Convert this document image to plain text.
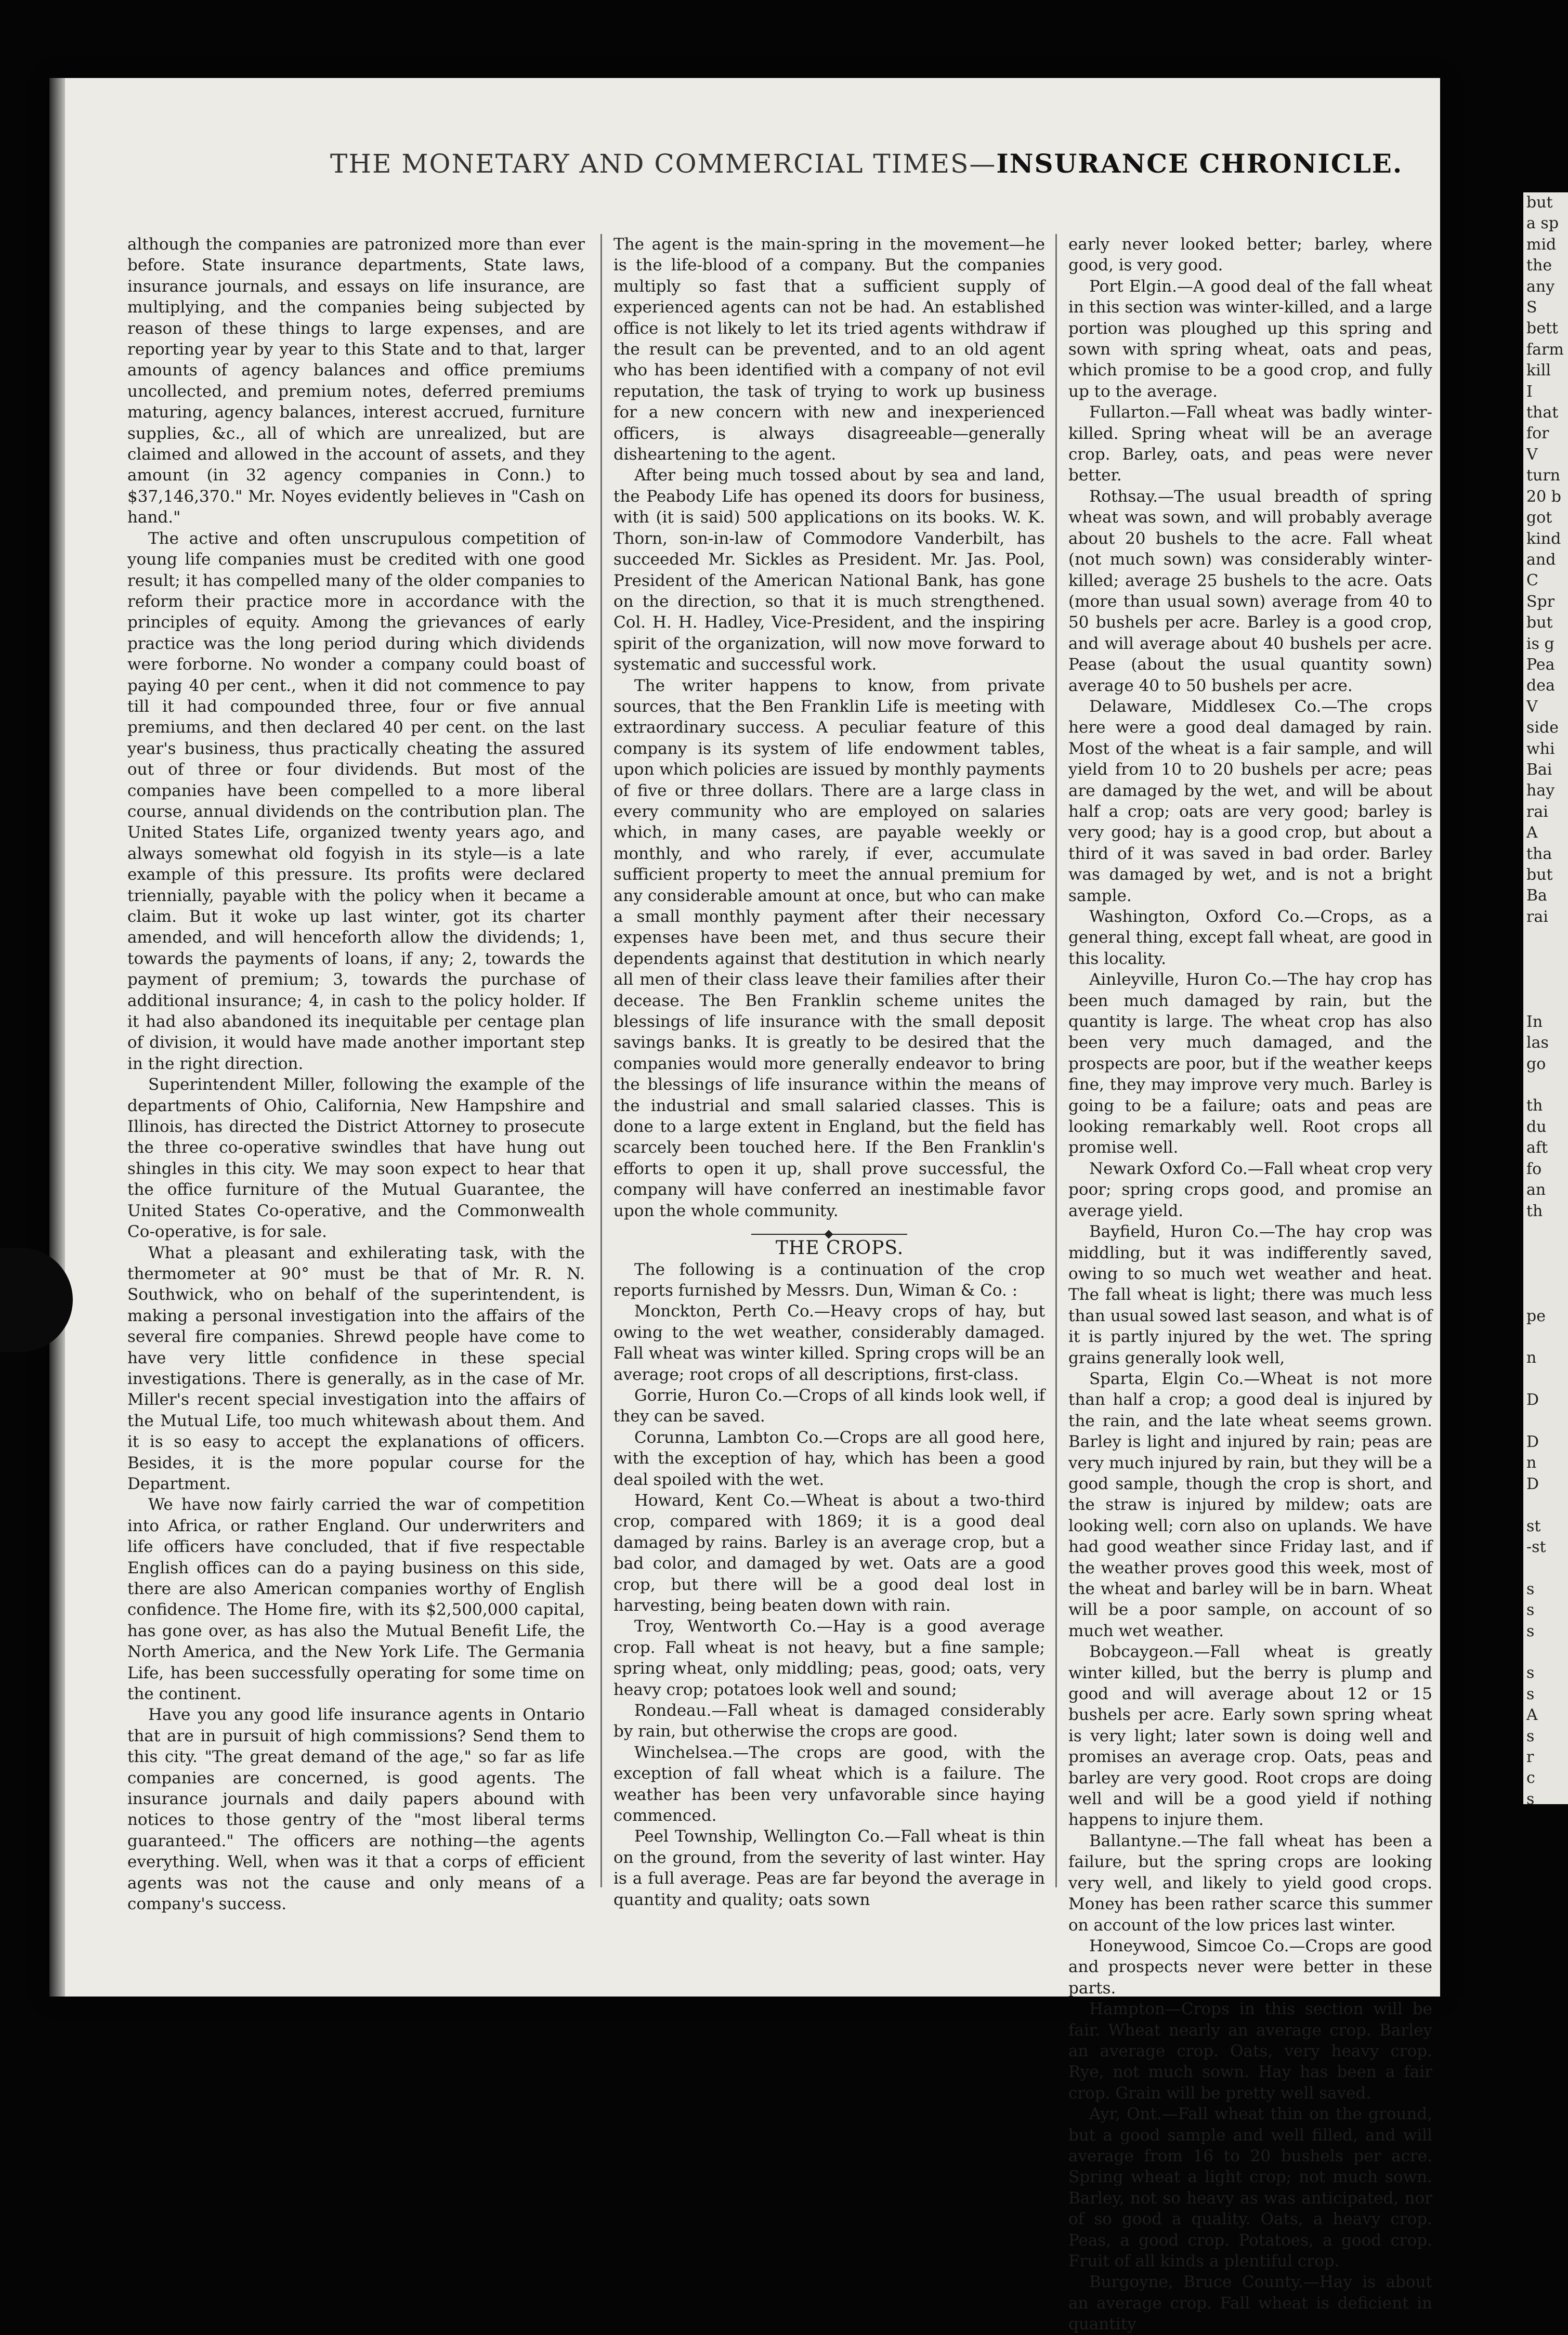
THE MONETARY AND COMMERCIAL TIMES—INSURANCE CHRONICLE.

although the companies are patronized more than ever before. State insurance departments, State laws, insurance journals, and essays on life insurance, are multiplying, and the companies being subjected by reason of these things to large expenses, and are reporting year by year to this State and to that, larger amounts of agency balances and office premiums uncollected, and premium notes, deferred premiums maturing, agency balances, interest accrued, furniture supplies, &c., all of which are unrealized, but are claimed and allowed in the account of assets, and they amount (in 32 agency companies in Conn.) to $37,146,370." Mr. Noyes evidently believes in "Cash on hand."

The active and often unscrupulous competition of young life companies must be credited with one good result; it has compelled many of the older companies to reform their practice more in accordance with the principles of equity. Among the grievances of early practice was the long period during which dividends were forborne. No wonder a company could boast of paying 40 per cent., when it did not commence to pay till it had compounded three, four or five annual premiums, and then declared 40 per cent. on the last year's business, thus practically cheating the assured out of three or four dividends. But most of the companies have been compelled to a more liberal course, annual dividends on the contribution plan. The United States Life, organized twenty years ago, and always somewhat old fogyish in its style—is a late example of this pressure. Its profits were declared triennially, payable with the policy when it became a claim. But it woke up last winter, got its charter amended, and will henceforth allow the dividends; 1, towards the payments of loans, if any; 2, towards the payment of premium; 3, towards the purchase of additional insurance; 4, in cash to the policy holder. If it had also abandoned its inequitable per centage plan of division, it would have made another important step in the right direction.

Superintendent Miller, following the example of the departments of Ohio, California, New Hampshire and Illinois, has directed the District Attorney to prosecute the three co-operative swindles that have hung out shingles in this city. We may soon expect to hear that the office furniture of the Mutual Guarantee, the United States Co-operative, and the Commonwealth Co-operative, is for sale.

What a pleasant and exhilerating task, with the thermometer at 90° must be that of Mr. R. N. Southwick, who on behalf of the superintendent, is making a personal investigation into the affairs of the several fire companies. Shrewd people have come to have very little confidence in these special investigations. There is generally, as in the case of Mr. Miller's recent special investigation into the affairs of the Mutual Life, too much whitewash about them. And it is so easy to accept the explanations of officers. Besides, it is the more popular course for the Department.

We have now fairly carried the war of competition into Africa, or rather England. Our underwriters and life officers have concluded, that if five respectable English offices can do a paying business on this side, there are also American companies worthy of English confidence. The Home fire, with its $2,500,000 capital, has gone over, as has also the Mutual Benefit Life, the North America, and the New York Life. The Germania Life, has been successfully operating for some time on the continent.

Have you any good life insurance agents in Ontario that are in pursuit of high commissions? Send them to this city. "The great demand of the age," so far as life companies are concerned, is good agents. The insurance journals and daily papers abound with notices to those gentry of the "most liberal terms guaranteed." The officers are nothing—the agents everything. Well, when was it that a corps of efficient agents was not the cause and only means of a company's success.

The agent is the main-spring in the movement—he is the life-blood of a company. But the companies multiply so fast that a sufficient supply of experienced agents can not be had. An established office is not likely to let its tried agents withdraw if the result can be prevented, and to an old agent who has been identified with a company of not evil reputation, the task of trying to work up business for a new concern with new and inexperienced officers, is always disagreeable—generally disheartening to the agent.

After being much tossed about by sea and land, the Peabody Life has opened its doors for business, with (it is said) 500 applications on its books. W. K. Thorn, son-in-law of Commodore Vanderbilt, has succeeded Mr. Sickles as President. Mr. Jas. Pool, President of the American National Bank, has gone on the direction, so that it is much strengthened. Col. H. H. Hadley, Vice-President, and the inspiring spirit of the organization, will now move forward to systematic and successful work.

The writer happens to know, from private sources, that the Ben Franklin Life is meeting with extraordinary success. A peculiar feature of this company is its system of life endowment tables, upon which policies are issued by monthly payments of five or three dollars. There are a large class in every community who are employed on salaries which, in many cases, are payable weekly or monthly, and who rarely, if ever, accumulate sufficient property to meet the annual premium for any considerable amount at once, but who can make a small monthly payment after their necessary expenses have been met, and thus secure their dependents against that destitution in which nearly all men of their class leave their families after their decease. The Ben Franklin scheme unites the blessings of life insurance with the small deposit savings banks. It is greatly to be desired that the companies would more generally endeavor to bring the blessings of life insurance within the means of the industrial and small salaried classes. This is done to a large extent in England, but the field has scarcely been touched here. If the Ben Franklin's efforts to open it up, shall prove successful, the company will have conferred an inestimable favor upon the whole community.

THE CROPS.

The following is a continuation of the crop reports furnished by Messrs. Dun, Wiman & Co. :

Monckton, Perth Co.—Heavy crops of hay, but owing to the wet weather, considerably damaged. Fall wheat was winter killed. Spring crops will be an average; root crops of all descriptions, first-class.

Gorrie, Huron Co.—Crops of all kinds look well, if they can be saved.

Corunna, Lambton Co.—Crops are all good here, with the exception of hay, which has been a good deal spoiled with the wet.

Howard, Kent Co.—Wheat is about a two-third crop, compared with 1869; it is a good deal damaged by rains. Barley is an average crop, but a bad color, and damaged by wet. Oats are a good crop, but there will be a good deal lost in harvesting, being beaten down with rain.

Troy, Wentworth Co.—Hay is a good average crop. Fall wheat is not heavy, but a fine sample; spring wheat, only middling; peas, good; oats, very heavy crop; potatoes look well and sound;

Rondeau.—Fall wheat is damaged considerably by rain, but otherwise the crops are good.

Winchelsea.—The crops are good, with the exception of fall wheat which is a failure. The weather has been very unfavorable since haying commenced.

Peel Township, Wellington Co.—Fall wheat is thin on the ground, from the severity of last winter. Hay is a full average. Peas are far beyond the average in quantity and quality; oats sown

early never looked better; barley, where good, is very good.

Port Elgin.—A good deal of the fall wheat in this section was winter-killed, and a large portion was ploughed up this spring and sown with spring wheat, oats and peas, which promise to be a good crop, and fully up to the average.

Fullarton.—Fall wheat was badly winter-killed. Spring wheat will be an average crop. Barley, oats, and peas were never better.

Rothsay.—The usual breadth of spring wheat was sown, and will probably average about 20 bushels to the acre. Fall wheat (not much sown) was considerably winter-killed; average 25 bushels to the acre. Oats (more than usual sown) average from 40 to 50 bushels per acre. Barley is a good crop, and will average about 40 bushels per acre. Pease (about the usual quantity sown) average 40 to 50 bushels per acre.

Delaware, Middlesex Co.—The crops here were a good deal damaged by rain. Most of the wheat is a fair sample, and will yield from 10 to 20 bushels per acre; peas are damaged by the wet, and will be about half a crop; oats are very good; barley is very good; hay is a good crop, but about a third of it was saved in bad order. Barley was damaged by wet, and is not a bright sample.

Washington, Oxford Co.—Crops, as a general thing, except fall wheat, are good in this locality.

Ainleyville, Huron Co.—The hay crop has been much damaged by rain, but the quantity is large. The wheat crop has also been very much damaged, and the prospects are poor, but if the weather keeps fine, they may improve very much. Barley is going to be a failure; oats and peas are looking remarkably well. Root crops all promise well.

Newark Oxford Co.—Fall wheat crop very poor; spring crops good, and promise an average yield.

Bayfield, Huron Co.—The hay crop was middling, but it was indifferently saved, owing to so much wet weather and heat. The fall wheat is light; there was much less than usual sowed last season, and what is of it is partly injured by the wet. The spring grains generally look well,

Sparta, Elgin Co.—Wheat is not more than half a crop; a good deal is injured by the rain, and the late wheat seems grown. Barley is light and injured by rain; peas are very much injured by rain, but they will be a good sample, though the crop is short, and the straw is injured by mildew; oats are looking well; corn also on uplands. We have had good weather since Friday last, and if the weather proves good this week, most of the wheat and barley will be in barn. Wheat will be a poor sample, on account of so much wet weather.

Bobcaygeon.—Fall wheat is greatly winter killed, but the berry is plump and good and will average about 12 or 15 bushels per acre. Early sown spring wheat is very light; later sown is doing well and promises an average crop. Oats, peas and barley are very good. Root crops are doing well and will be a good yield if nothing happens to injure them.

Ballantyne.—The fall wheat has been a failure, but the spring crops are looking very well, and likely to yield good crops. Money has been rather scarce this summer on account of the low prices last winter.

Honeywood, Simcoe Co.—Crops are good and prospects never were better in these parts.

Hampton—Crops in this section will be fair. Wheat nearly an average crop. Barley an average crop. Oats, very heavy crop. Rye, not much sown. Hay has been a fair crop. Grain will be pretty well saved.

Ayr, Ont.—Fall wheat thin on the ground, but a good sample and well filled, and will average from 16 to 20 bushels per acre. Spring wheat a light crop; not much sown. Barley, not so heavy as was anticipated, nor of so good a quality. Oats, a heavy crop. Peas, a good crop. Potatoes, a good crop. Fruit of all kinds a plentiful crop.

Burgoyne, Bruce County.—Hay is about an average crop. Fall wheat is deficient in quantity

but
a sp
mid
the
any
S
bett
farm
kill
I
that
for
V
turn
20 b
got
kind
and
C
Spr
but
is g
Pea
dea
V
side
whi
Bai
hay
rai
A
tha
but
Ba
rai

In
las
go

th
du
aft
fo
an
th

pe

n

D

D
n
D

st
-st

s
s
s

s
s
A
s
r
c
s
